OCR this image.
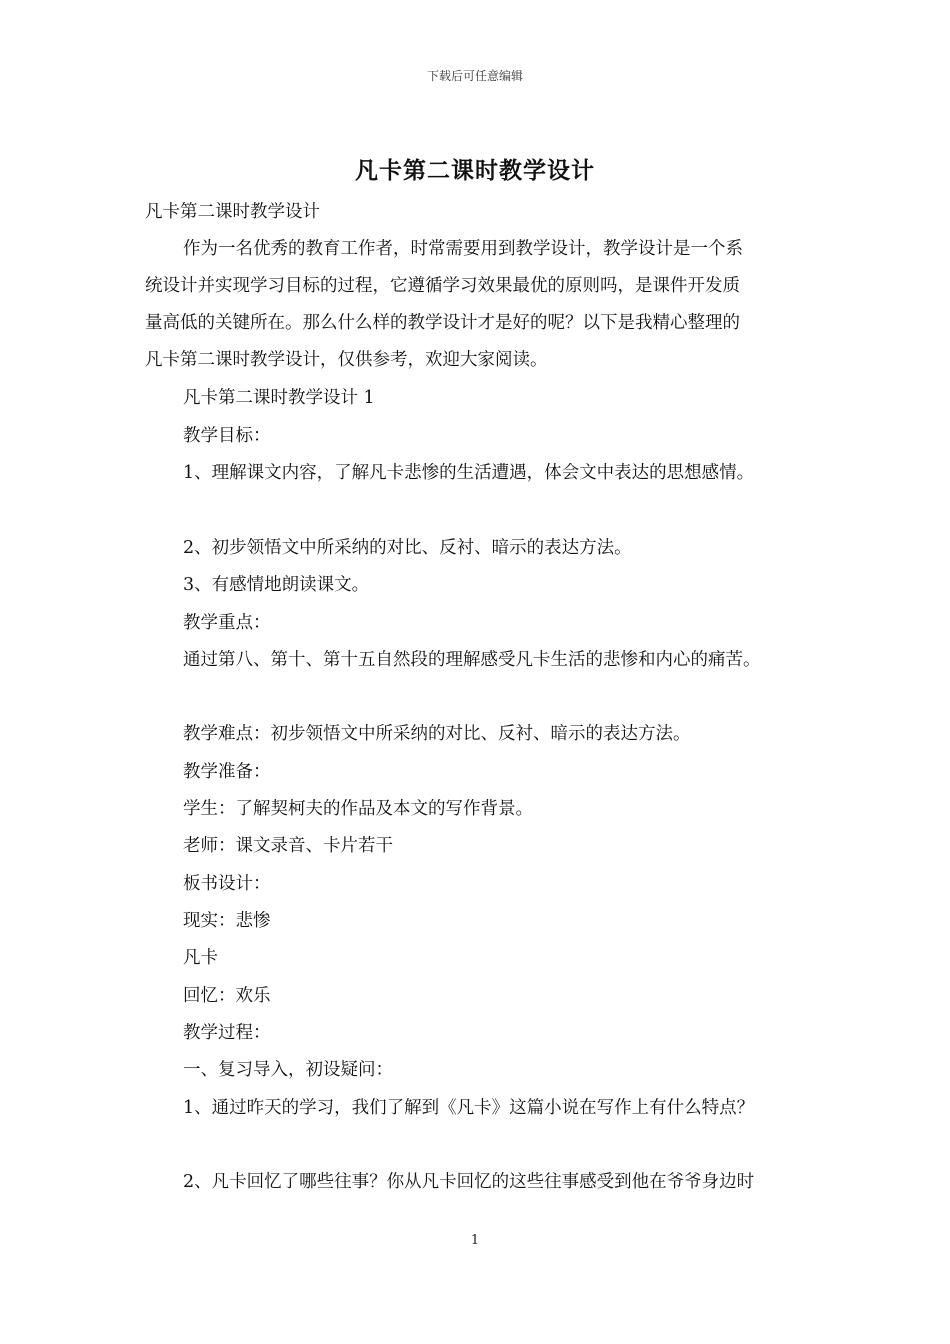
下载后可任意编辑
凡卡第二课时教学设计
凡卡第二课时教学设计
作为一名优秀的教育工作者，时常需要用到教学设计，教学设计是一个系
统设计并实现学习目标的过程，它遵循学习效果最优的原则吗，是课件开发质
量高低的关键所在。那么什么样的教学设计才是好的呢？以下是我精心整理的
凡卡第二课时教学设计，仅供参考，欢迎大家阅读。
凡卡第二课时教学设计 1
教学目标：
1、理解课文内容，了解凡卡悲惨的生活遭遇，体会文中表达的思想感情。
2、初步领悟文中所采纳的对比、反衬、暗示的表达方法。
3、有感情地朗读课文。
教学重点：
通过第八、第十、第十五自然段的理解感受凡卡生活的悲惨和内心的痛苦。
教学难点：初步领悟文中所采纳的对比、反衬、暗示的表达方法。
教学准备：
学生：了解契柯夫的作品及本文的写作背景。
老师：课文录音、卡片若干
板书设计：
现实：悲惨
凡卡
回忆：欢乐
教学过程：
一、复习导入，初设疑问：
1、通过昨天的学习，我们了解到《凡卡》这篇小说在写作上有什么特点？
2、凡卡回忆了哪些往事？你从凡卡回忆的这些往事感受到他在爷爷身边时
1
